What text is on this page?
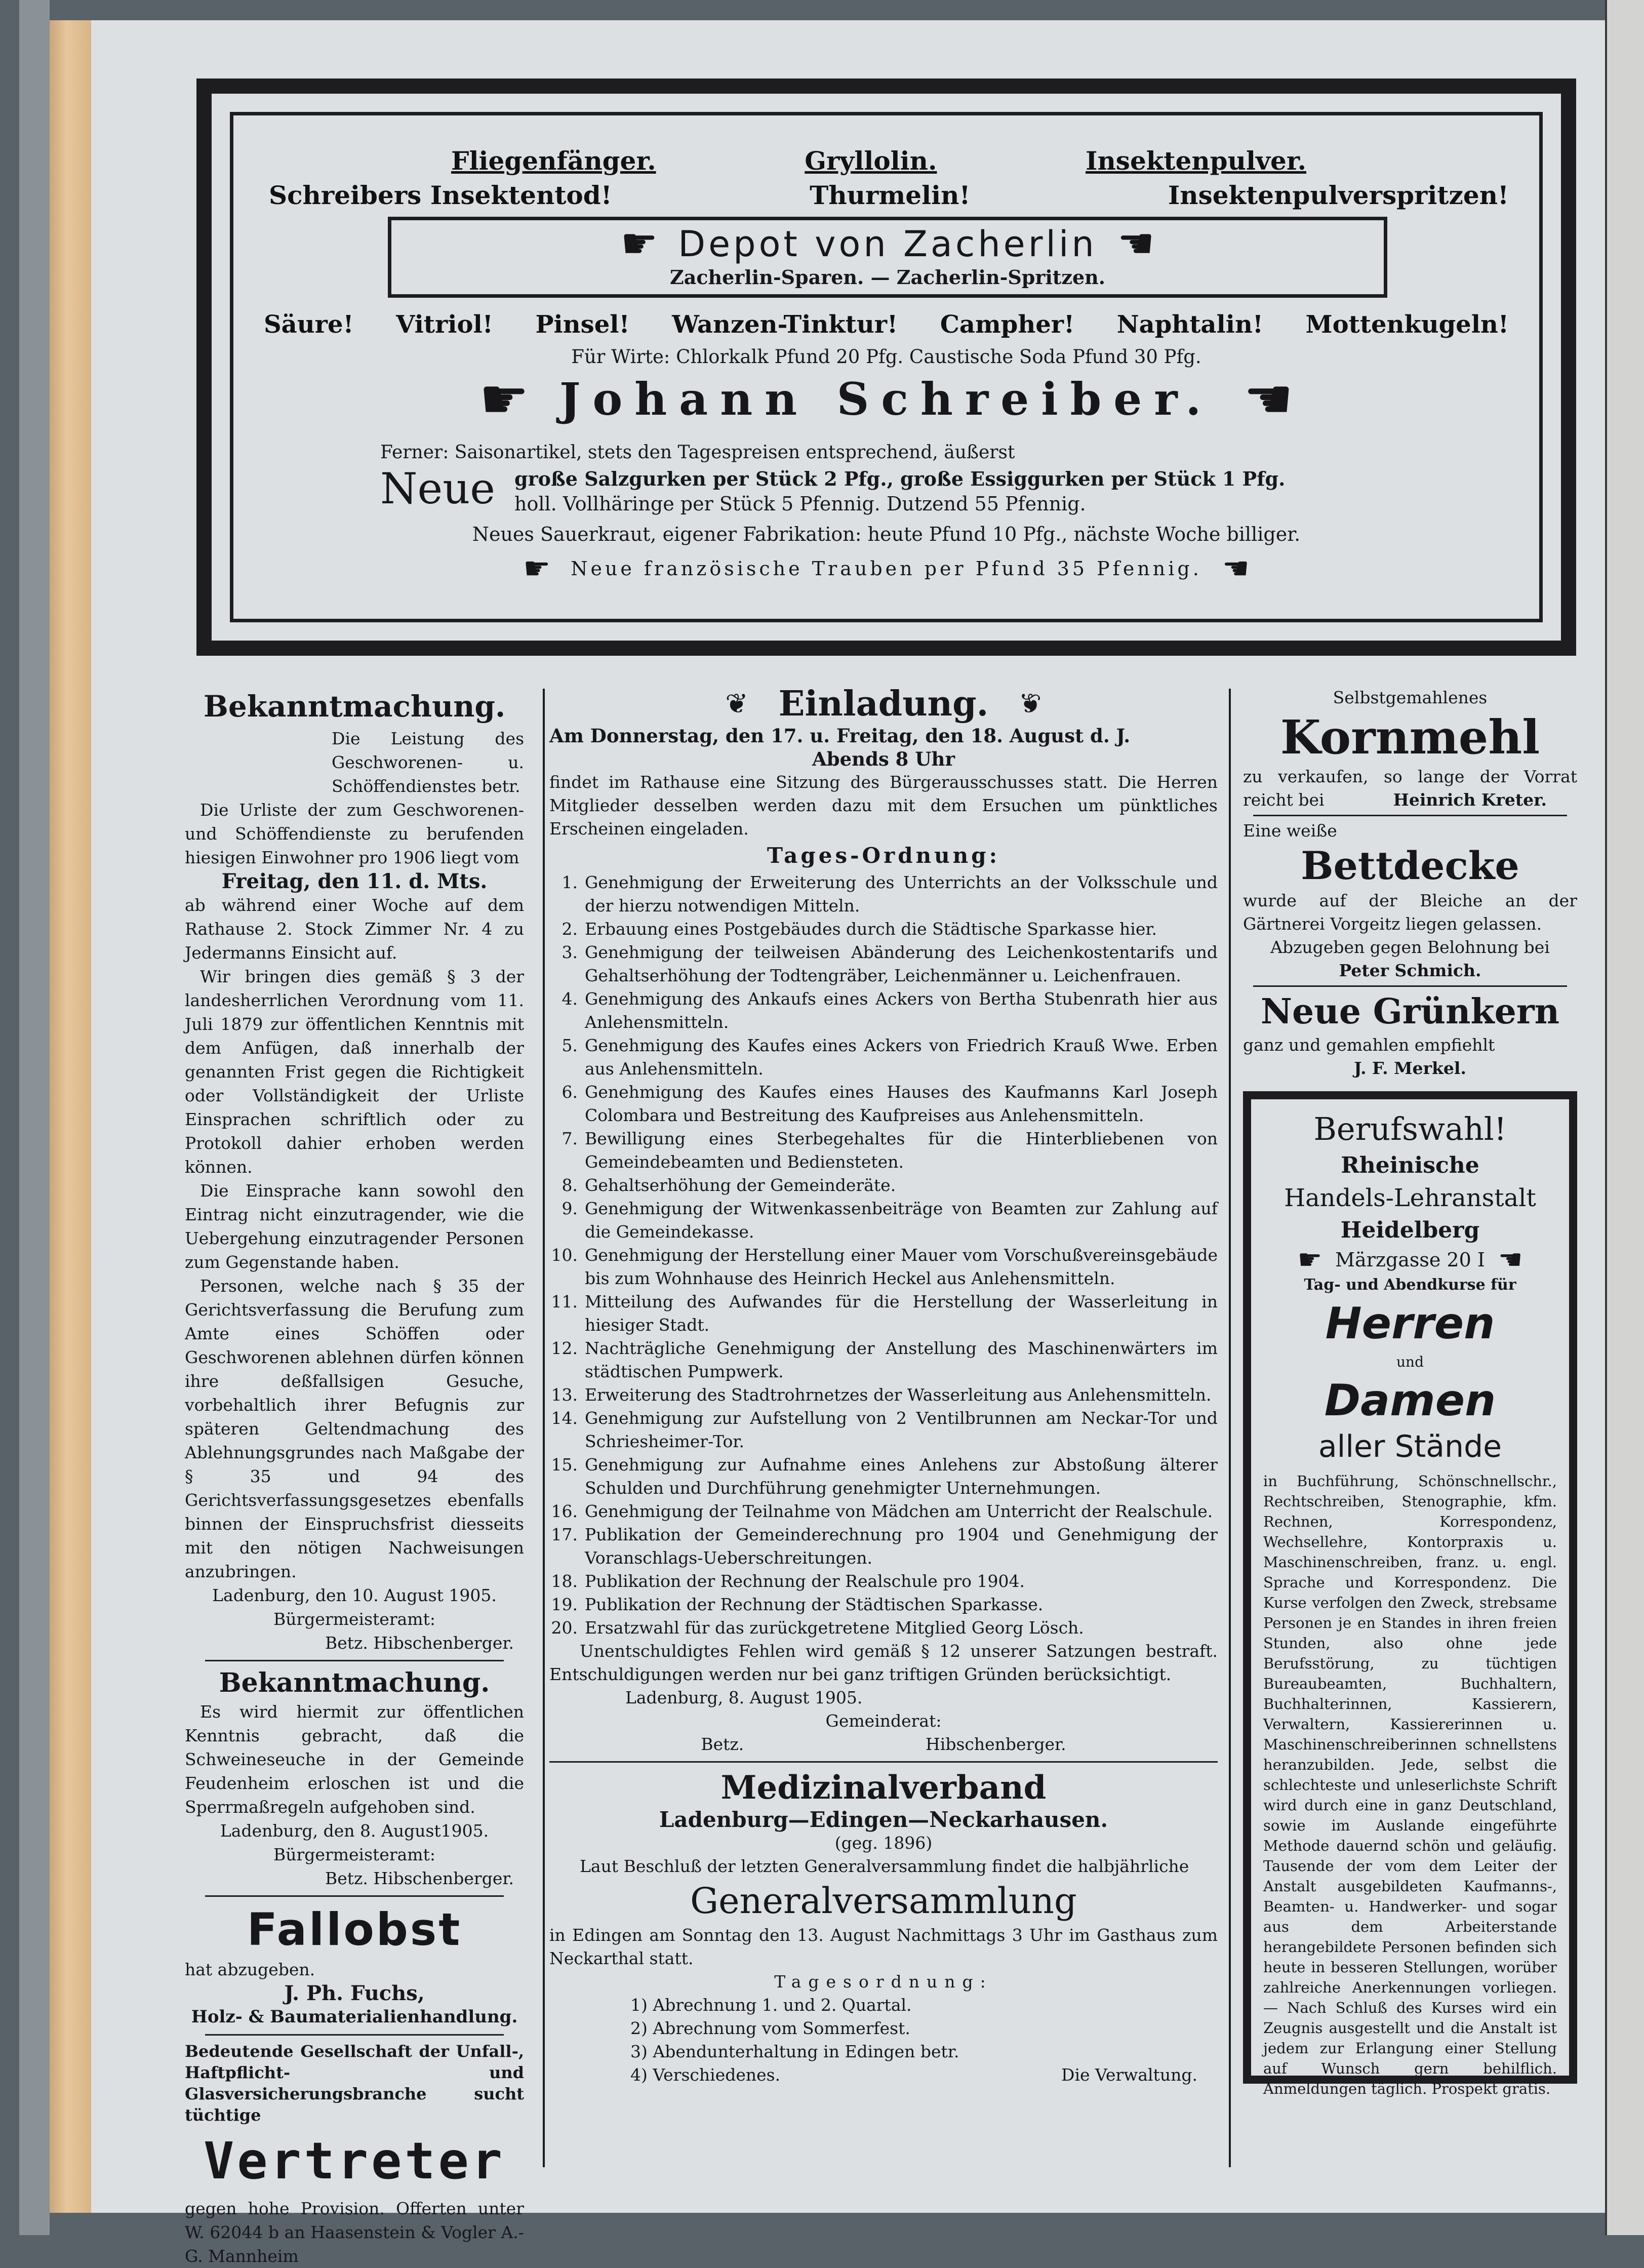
Fliegenfänger.	Gryllolin.	Insektenpulver.
Schreibers Insektentod!	Thurmelin!	Insektenpulverspritzen!
☛ Depot von Zacherlin ☛
Zacherlin-Sparen. — Zacherlin-Spritzen.
Säure! Vitriol! Pinsel! Wanzen-Tinktur! Campher! Naphtalin! Mottenkugeln!
Für Wirte: Chlorkalk Pfund 20 Pfg. Caustische Soda Pfund 30 Pfg.
☛ Johann Schreiber. ☛
Ferner: Saisonartikel, stets den Tagespreisen entsprechend, äußerst
Neue große Salzgurken per Stück 2 Pfg., große Essiggurken per Stück 1 Pfg.
holl. Vollhäringe per Stück 5 Pfennig. Dutzend 55 Pfennig.
Neues Sauerkraut, eigener Fabrikation: heute Pfund 10 Pfg., nächste Woche billiger.
☛ Neue französische Trauben per Pfund 35 Pfennig. ☛
Bekanntmachung.

Die Leistung des Geschworenen- u. Schöffendienstes betr.

Die Urliste der zum Geschworenen- und Schöffendienste zu berufenden hiesigen Einwohner pro 1906 liegt vom

Freitag, den 11. d. Mts.

ab während einer Woche auf dem Rathause 2. Stock Zimmer Nr. 4 zu Jedermanns Einsicht auf.

Wir bringen dies gemäß § 3 der landesherrlichen Verordnung vom 11. Juli 1879 zur öffentlichen Kenntnis mit dem Anfügen, daß innerhalb der genannten Frist gegen die Richtigkeit oder Vollständigkeit der Urliste Einsprachen schriftlich oder zu Protokoll dahier erhoben werden können.

Die Einsprache kann sowohl den Eintrag nicht einzutragender, wie die Uebergehung einzutragender Personen zum Gegenstande haben.

Personen, welche nach § 35 der Gerichtsverfassung die Berufung zum Amte eines Schöffen oder Geschworenen ablehnen dürfen können ihre deßfallsigen Gesuche, vorbehaltlich ihrer Befugnis zur späteren Geltendmachung des Ablehnungsgrundes nach Maßgabe der § 35 und 94 des Gerichtsverfassungsgesetzes ebenfalls binnen der Einspruchsfrist diesseits mit den nötigen Nachweisungen anzubringen.

Ladenburg, den 10. August 1905.
Bürgermeisteramt:
Betz. Hibschenberger.
Bekanntmachung.

Es wird hiermit zur öffentlichen Kenntnis gebracht, daß die Schweineseuche in der Gemeinde Feudenheim erloschen ist und die Sperrmaßregeln aufgehoben sind.

Ladenburg, den 8. August1905.
Bürgermeisteramt:
Betz. Hibschenberger.
Fallobst
hat abzugeben.
J. Ph. Fuchs,
Holz- & Baumaterialienhandlung.

Bedeutende Gesellschaft der Unfall-, Haftpflicht- und Glasversicherungsbranche sucht tüchtige

Vertreter

gegen hohe Provision. Offerten unter W. 62044 b an Haasenstein & Vogler A.-G. Mannheim

❦ Einladung. ❦
Am Donnerstag, den 17. u. Freitag, den 18. August d. J.
Abends 8 Uhr

findet im Rathause eine Sitzung des Bürgerausschusses statt. Die Herren Mitglieder desselben werden dazu mit dem Ersuchen um pünktliches Erscheinen eingeladen.

Tages-Ordnung:
1. Genehmigung der Erweiterung des Unterrichts an der Volksschule und der hierzu notwendigen Mitteln.
2. Erbauung eines Postgebäudes durch die Städtische Sparkasse hier.
3. Genehmigung der teilweisen Abänderung des Leichenkostentarifs und Gehaltserhöhung der Todtengräber, Leichenmänner u. Leichenfrauen.
4. Genehmigung des Ankaufs eines Ackers von Bertha Stubenrath hier aus Anlehensmitteln.
5. Genehmigung des Kaufes eines Ackers von Friedrich Krauß Wwe. Erben aus Anlehensmitteln.
6. Genehmigung des Kaufes eines Hauses des Kaufmanns Karl Joseph Colombara und Bestreitung des Kaufpreises aus Anlehensmitteln.
7. Bewilligung eines Sterbegehaltes für die Hinterbliebenen von Gemeindebeamten und Bediensteten.
8. Gehaltserhöhung der Gemeinderäte.
9. Genehmigung der Witwenkassenbeiträge von Beamten zur Zahlung auf die Gemeindekasse.
10. Genehmigung der Herstellung einer Mauer vom Vorschußvereinsgebäude bis zum Wohnhause des Heinrich Heckel aus Anlehensmitteln.
11. Mitteilung des Aufwandes für die Herstellung der Wasserleitung in hiesiger Stadt.
12. Nachträgliche Genehmigung der Anstellung des Maschinenwärters im städtischen Pumpwerk.
13. Erweiterung des Stadtrohrnetzes der Wasserleitung aus Anlehensmitteln.
14. Genehmigung zur Aufstellung von 2 Ventilbrunnen am Neckar-Tor und Schriesheimer-Tor.
15. Genehmigung zur Aufnahme eines Anlehens zur Abstoßung älterer Schulden und Durchführung genehmigter Unternehmungen.
16. Genehmigung der Teilnahme von Mädchen am Unterricht der Realschule.
17. Publikation der Gemeinderechnung pro 1904 und Genehmigung der Voranschlags-Ueberschreitungen.
18. Publikation der Rechnung der Realschule pro 1904.
19. Publikation der Rechnung der Städtischen Sparkasse.
20. Ersatzwahl für das zurückgetretene Mitglied Georg Lösch.

Unentschuldigtes Fehlen wird gemäß § 12 unserer Satzungen bestraft. Entschuldigungen werden nur bei ganz triftigen Gründen berücksichtigt.

Ladenburg, 8. August 1905.
Gemeinderat:
Betz.	Hibschenberger.
Medizinalverband
Ladenburg—Edingen—Neckarhausen.
(geg. 1896)

Laut Beschluß der letzten Generalversammlung findet die halbjährliche

Generalversammlung

in Edingen am Sonntag den 13. August Nachmittags 3 Uhr im Gasthaus zum Neckarthal statt.

Tagesordnung:
1) Abrechnung 1. und 2. Quartal.
2) Abrechnung vom Sommerfest.
3) Abendunterhaltung in Edingen betr.
4) Verschiedenes.	Die Verwaltung.
Selbstgemahlenes
Kornmehl

zu verkaufen, so lange der Vorrat reicht bei	Heinrich Kreter.
Eine weiße
Bettdecke

wurde auf der Bleiche an der Gärtnerei Vorgeitz liegen gelassen.

Abzugeben gegen Belohnung bei
Peter Schmich.
Neue Grünkern
ganz und gemahlen empfiehlt
J. F. Merkel.
Berufswahl!
Rheinische
Handels-Lehranstalt
Heidelberg
☛ Märzgasse 20 I ☛
Tag- und Abendkurse für
Herren
und
Damen
aller Stände

in Buchführung, Schönschnellschr., Rechtschreiben, Stenographie, kfm. Rechnen, Korrespondenz, Wechsellehre, Kontorpraxis u. Maschinenschreiben, franz. u. engl. Sprache und Korrespondenz. Die Kurse verfolgen den Zweck, strebsame Personen je en Standes in ihren freien Stunden, also ohne jede Berufsstörung, zu tüchtigen Bureaubeamten, Buchhaltern, Buchhalterinnen, Kassierern, Verwaltern, Kassiererinnen u. Maschinenschreiberinnen schnellstens heranzubilden. Jede, selbst die schlechteste und unleserlichste Schrift wird durch eine in ganz Deutschland, sowie im Auslande eingeführte Methode dauernd schön und geläufig. Tausende der vom dem Leiter der Anstalt ausgebildeten Kaufmanns-, Beamten- u. Handwerker- und sogar aus dem Arbeiterstande herangebildete Personen befinden sich heute in besseren Stellungen, worüber zahlreiche Anerkennungen vorliegen. — Nach Schluß des Kurses wird ein Zeugnis ausgestellt und die Anstalt ist jedem zur Erlangung einer Stellung auf Wunsch gern behilflich. Anmeldungen täglich. Prospekt gratis.
